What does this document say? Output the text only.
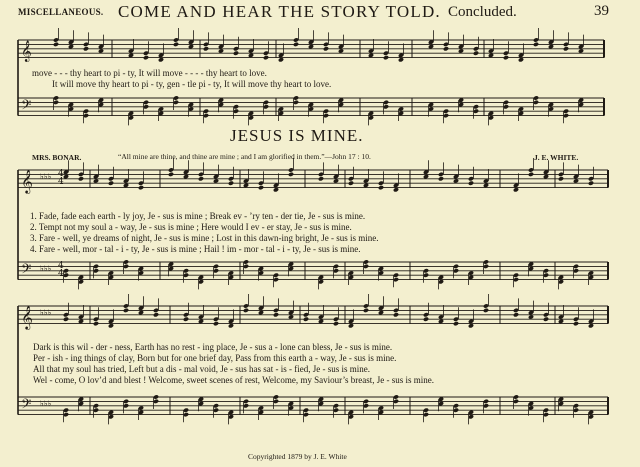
MISCELLANEOUS. COME AND HEAR THE STORY TOLD. Concluded.	39
𝄞
𝄢
𝄞
𝄢
♭♭♭
♭♭♭
𝄞
𝄢
♭♭♭
♭♭♭
4
4
4
4
move - - - thy heart to pi - ty, It will move - - - - thy heart to love.
It will move thy heart to pi - ty, gen - tle pi - ty, It will move thy heart to love.
JESUS IS MINE.
MRS. BONAR.	“All mine are thine, and thine are mine ; and I am glorified in them.”—John 17 : 10.	J. E. WHITE.
1. Fade, fade each earth - ly joy, Je - sus is mine ; Break ev - ’ry ten - der tie, Je - sus is mine.
2. Tempt not my soul a - way, Je - sus is mine ; Here would I ev - er stay, Je - sus is mine.
3. Fare - well, ye dreams of night, Je - sus is mine ; Lost in this dawn-ing bright, Je - sus is mine.
4. Fare - well, mor - tal - i - ty, Je - sus is mine ; Hail ! im - mor - tal - i - ty, Je - sus is mine.
Dark is this wil - der - ness, Earth has no rest - ing place, Je - sus a - lone can bless, Je - sus is mine.
Per - ish - ing things of clay, Born but for one brief day, Pass from this earth a - way, Je - sus is mine.
All that my soul has tried, Left but a dis - mal void, Je - sus has sat - is - fied, Je - sus is mine.
Wel - come, O lov’d and blest ! Welcome, sweet scenes of rest, Welcome, my Saviour’s breast, Je - sus is mine.
Copyrighted 1879 by J. E. White
